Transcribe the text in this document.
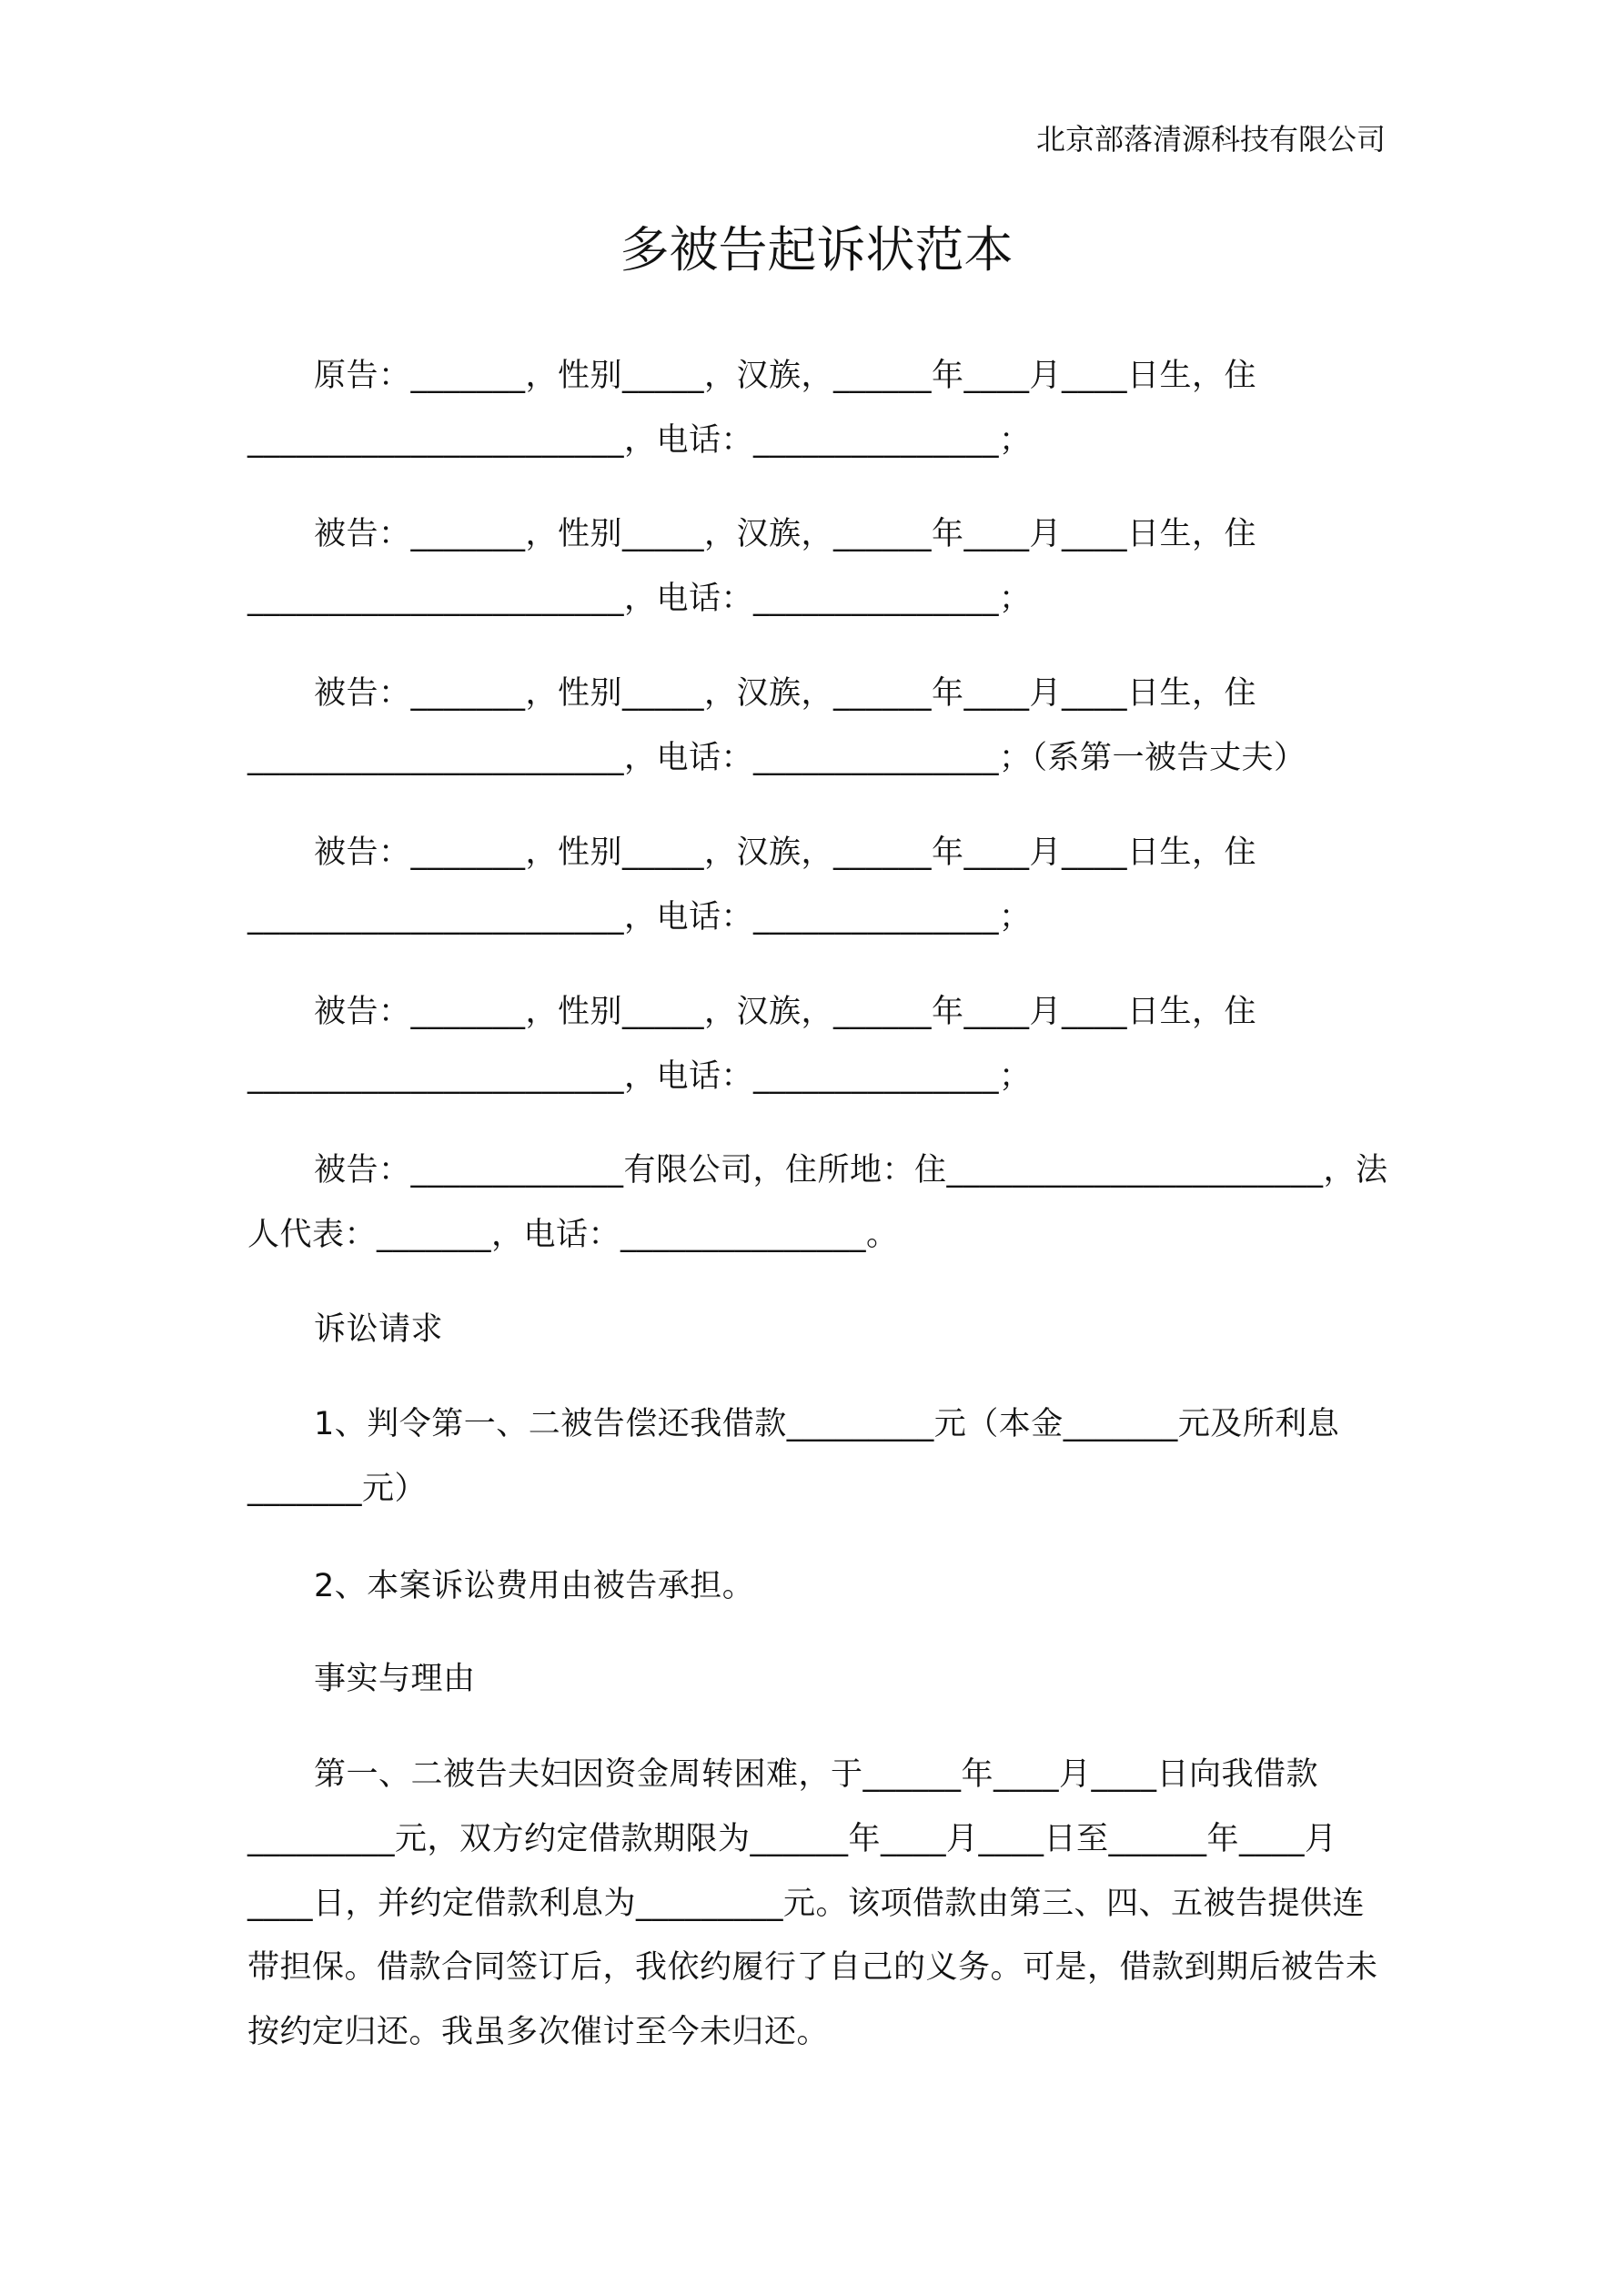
北京部落清源科技有限公司
多被告起诉状范本
原告：_______，性别_____，汉族，______年____月____日生，住
_______________________，电话：_______________；
被告：_______，性别_____，汉族，______年____月____日生，住
_______________________，电话：_______________；
被告：_______，性别_____，汉族，______年____月____日生，住
_______________________，电话：_______________；（系第一被告丈夫）
被告：_______，性别_____，汉族，______年____月____日生，住
_______________________，电话：_______________；
被告：_______，性别_____，汉族，______年____月____日生，住
_______________________，电话：_______________；
被告：_____________有限公司，住所地：住_______________________，法
人代表：_______，电话：_______________。
诉讼请求
1、判令第一、二被告偿还我借款_________元（本金_______元及所利息
_______元）
2、本案诉讼费用由被告承担。
事实与理由
第一、二被告夫妇因资金周转困难，于______年____月____日向我借款
_________元，双方约定借款期限为______年____月____日至______年____月
____日，并约定借款利息为_________元。该项借款由第三、四、五被告提供连
带担保。借款合同签订后，我依约履行了自己的义务。可是，借款到期后被告未
按约定归还。我虽多次催讨至今未归还。
